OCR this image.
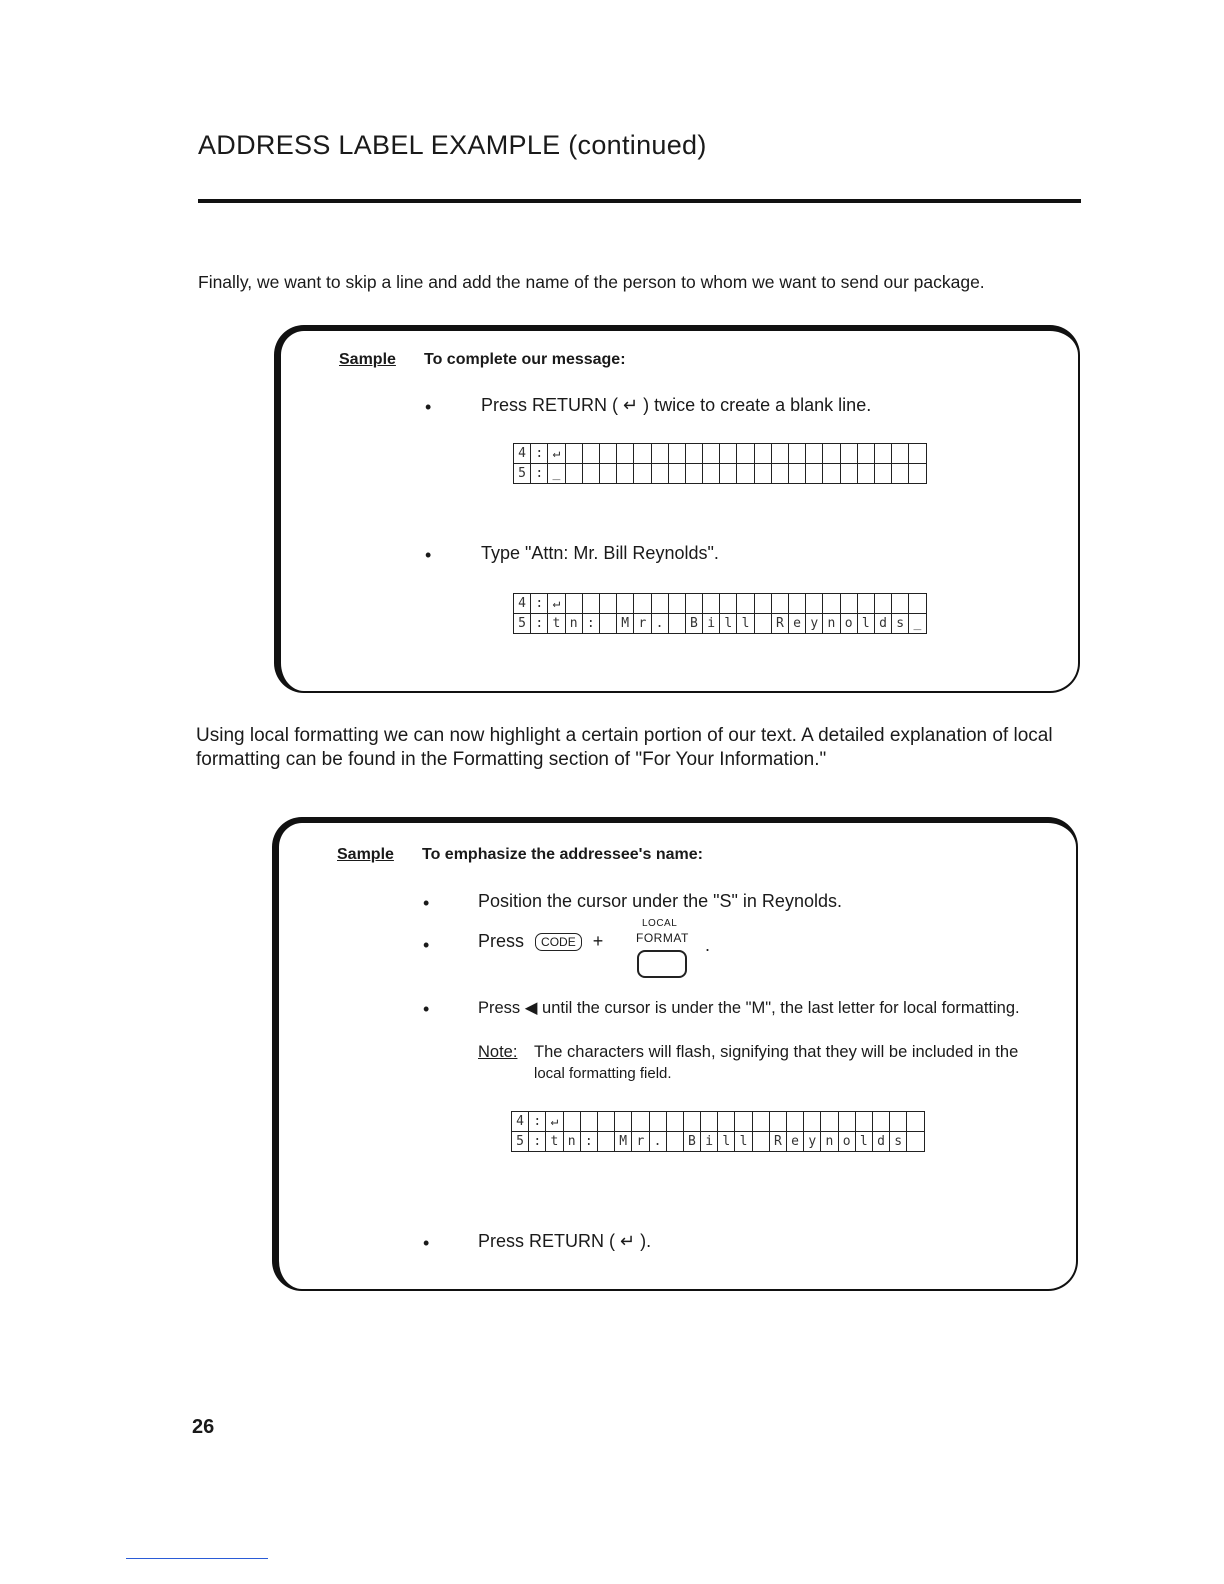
ADDRESS LABEL EXAMPLE (continued)
Finally, we want to skip a line and add the name of the person to whom we want to send our package.
Sample To complete our message:
•	Press RETURN ( ↵ ) twice to create a blank line.
4	:	↵																					
5	:	_																					
•	Type "Attn: Mr. Bill Reynolds".
4	:	↵																					
5	:	t	n	:		M	r	.		B	i	l	l		R	e	y	n	o	l	d	s	_
Using local formatting we can now highlight a certain portion of our text. A detailed explanation of local formatting can be found in the Formatting section of "For Your Information."
Sample To emphasize the addressee's name:
•	Position the cursor under the "S" in Reynolds.
•	Press CODE +
LOCAL
FORMAT .
•	Press ◀ until the cursor is under the "M", the last letter for local formatting.
Note: The characters will flash, signifying that they will be included in the
local formatting field.
4	:	↵																					
5	:	t	n	:		M	r	.		B	i	l	l		R	e	y	n	o	l	d	s	
•	Press RETURN ( ↵ ).
26
